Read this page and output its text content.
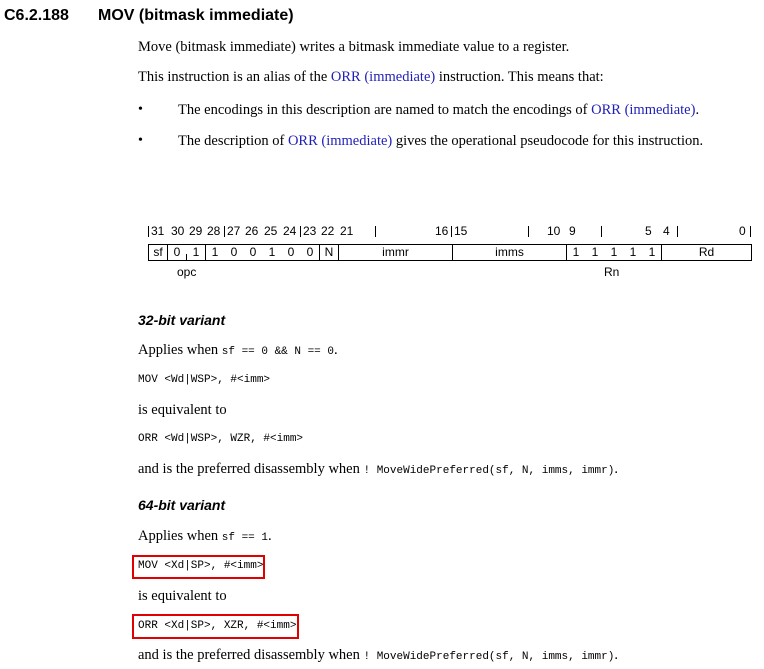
C6.2.188 MOV (bitmask immediate)
Move (bitmask immediate) writes a bitmask immediate value to a register.
This instruction is an alias of the ORR (immediate) instruction. This means that:
• The encodings in this description are named to match the encodings of ORR (immediate).
• The description of ORR (immediate) gives the operational pseudocode for this instruction.
31 30 29 28 27 26 25 24 23 22 21	16 15	10 9	5 4	0
sf 0	1	1	0	0	1	0	0 N	immr	imms	1	1	1	1	1	Rd
opc	Rn
32-bit variant
Applies when sf == 0 && N == 0.
MOV <Wd|WSP>, #<imm>
is equivalent to
ORR <Wd|WSP>, WZR, #<imm>
and is the preferred disassembly when ! MoveWidePreferred(sf, N, imms, immr).
64-bit variant
Applies when sf == 1.
MOV <Xd|SP>, #<imm>
is equivalent to
ORR <Xd|SP>, XZR, #<imm>
and is the preferred disassembly when ! MoveWidePreferred(sf, N, imms, immr).
